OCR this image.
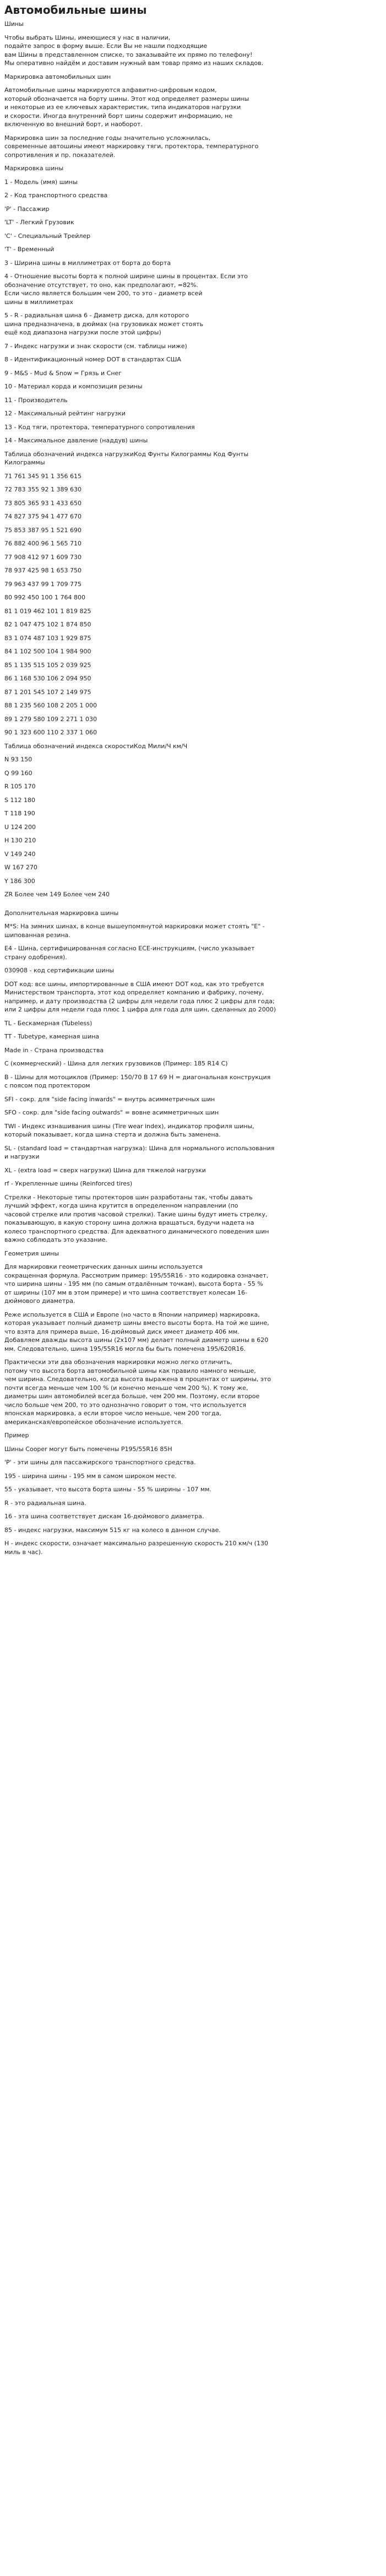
Автомобильные шины
Шины
Чтобы выбрать Шины, имеющиеся у нас в наличии,
подайте запрос в форму выше. Если Вы не нашли подходящие
вам Шины в представленном списке, то заказывайте их прямо по телефону!
Мы оперативно найдём и доставим нужный вам товар прямо из наших складов.
Маркировка автомобильных шин
Автомобильные шины маркируются алфавитно-цифровым кодом,
который обозначается на борту шины. Этот код определяет размеры шины
и некоторые из ее ключевых характеристик, типа индикаторов нагрузки
и скорости. Иногда внутренний борт шины содержит информацию, не
включенную во внешний борт, и наоборот.
Маркировка шин за последние годы значительно усложнилась,
современные автошины имеют маркировку тяги, протектора, температурного
сопротивления и пр. показателей.
Маркировка шины
1 - Модель (имя) шины
2 - Код транспортного средства
'P' - Пассажир
'LT' - Легкий Грузовик
'C' - Специальный Трейлер
'T' - Временный
3 - Ширина шины в миллиметрах от борта до борта
4 - Отношение высоты борта к полной ширине шины в процентах. Если это
обозначение отсутствует, то оно, как предполагают, =82%.
Если число является большим чем 200, то это - диаметр всей
шины в миллиметрах
5 - R - радиальная шина 6 - Диаметр диска, для которого
шина предназначена, в дюймах (на грузовиках может стоять
ещё код диапазона нагрузки после этой цифры)
7 - Индекс нагрузки и знак скорости (см. таблицы ниже)
8 - Идентификационный номер DOT в стандартах США
9 - M&S - Mud & Snow = Грязь и Снег
10 - Материал корда и композиция резины
11 - Производитель
12 - Максимальный рейтинг нагрузки
13 - Код тяги, протектора, температурного сопротивления
14 - Максимальное давление (наддув) шины
Таблица обозначений индекса нагрузкиКод Фунты Килограммы Код Фунты
Килограммы
71 761 345 91 1 356 615
72 783 355 92 1 389 630
73 805 365 93 1 433 650
74 827 375 94 1 477 670
75 853 387 95 1 521 690
76 882 400 96 1 565 710
77 908 412 97 1 609 730
78 937 425 98 1 653 750
79 963 437 99 1 709 775
80 992 450 100 1 764 800
81 1 019 462 101 1 819 825
82 1 047 475 102 1 874 850
83 1 074 487 103 1 929 875
84 1 102 500 104 1 984 900
85 1 135 515 105 2 039 925
86 1 168 530 106 2 094 950
87 1 201 545 107 2 149 975
88 1 235 560 108 2 205 1 000
89 1 279 580 109 2 271 1 030
90 1 323 600 110 2 337 1 060
Таблица обозначений индекса скоростиКод Мили/Ч км/Ч
N 93 150
Q 99 160
R 105 170
S 112 180
T 118 190
U 124 200
H 130 210
V 149 240
W 167 270
Y 186 300
ZR Более чем 149 Более чем 240
Дополнительная маркировка шины
M*S: На зимних шинах, в конце вышеупомянутой маркировки может стоять "E" -
шипованная резина.
E4 - Шина, сертифицированная согласно ECE-инструкциям, (число указывает
страну одобрения).
030908 - код сертификации шины
DOT код: все шины, импортированные в США имеют DOT код, как это требуется
Министерством транспорта, этот код определяет компанию и фабрику, почему,
например, и дату производства (2 цифры для недели года плюс 2 цифры для года;
или 2 цифры для недели года плюс 1 цифра для года для шин, сделанных до 2000)
TL - Бескамерная (Tubeless)
TT - Tubetype, камерная шина
Made in - Страна производства
C (коммерческий) - Шина для легких грузовиков (Пример: 185 R14 C)
B - Шины для мотоциклов (Пример: 150/70 B 17 69 H = диагональная конструкция
с поясом под протектором
SFI - сокр. для "side facing inwards" = внутрь асимметричных шин
SFO - сокр. для "side facing outwards" = вовне асимметричных шин
TWI - Индекс изнашивания шины (Tire wear index), индикатор профиля шины,
который показывает, когда шина стерта и должна быть заменена.
SL - (standard load = стандартная нагрузка): Шина для нормального использования
и нагрузки
XL - (extra load = сверх нагрузки) Шина для тяжелой нагрузки
rf - Укрепленные шины (Reinforced tires)
Стрелки - Некоторые типы протекторов шин разработаны так, чтобы давать
лучший эффект, когда шина крутится в определенном направлении (по
часовой стрелке или против часовой стрелки). Такие шины будут иметь стрелку,
показывающую, в какую сторону шина должна вращаться, будучи надета на
колесо транспортного средства. Для адекватного динамического поведения шин
важно соблюдать это указание.
Геометрия шины
Для маркировки геометрических данных шины используется
сокращенная формула. Рассмотрим пример: 195/55R16 - это кодировка означает,
что ширина шины - 195 мм (по самым отдалённым точкам), высота борта - 55 %
от ширины (107 мм в этом примере) и что шина соответствует колесам 16-
дюймового диаметра.
Реже используется в США и Европе (но часто в Японии например) маркировка,
которая указывает полный диаметр шины вместо высоты борта. На той же шине,
что взята для примера выше, 16-дюймовый диск имеет диаметр 406 мм.
Добавляем дважды высота шины (2x107 мм) делает полный диаметр шины в 620
мм. Следовательно, шина 195/55R16 могла бы быть помечена 195/620R16.
Практически эти два обозначения маркировки можно легко отличить,
потому что высота борта автомобильной шины как правило намного меньше,
чем ширина. Следовательно, когда высота выражена в процентах от ширины, это
почти всегда меньше чем 100 % (и конечно меньше чем 200 %). К тому же,
диаметры шин автомобилей всегда больше, чем 200 мм. Поэтому, если второе
число больше чем 200, то это однозначно говорит о том, что используется
японская маркировка, а если второе число меньше, чем 200 тогда,
американская/европейское обозначение используется.
Пример
Шины Cooper могут быть помечены P195/55R16 85H
'P' - эти шины для пассажирского транспортного средства.
195 - ширина шины - 195 мм в самом широком месте.
55 - указывает, что высота борта шины - 55 % ширины - 107 мм.
R - это радиальная шина.
16 - эта шина соответствует дискам 16-дюймового диаметра.
85 - индекс нагрузки, максимум 515 кг на колесо в данном случае.
H - индекс скорости, означает максимально разрешенную скорость 210 км/ч (130
миль в час).
